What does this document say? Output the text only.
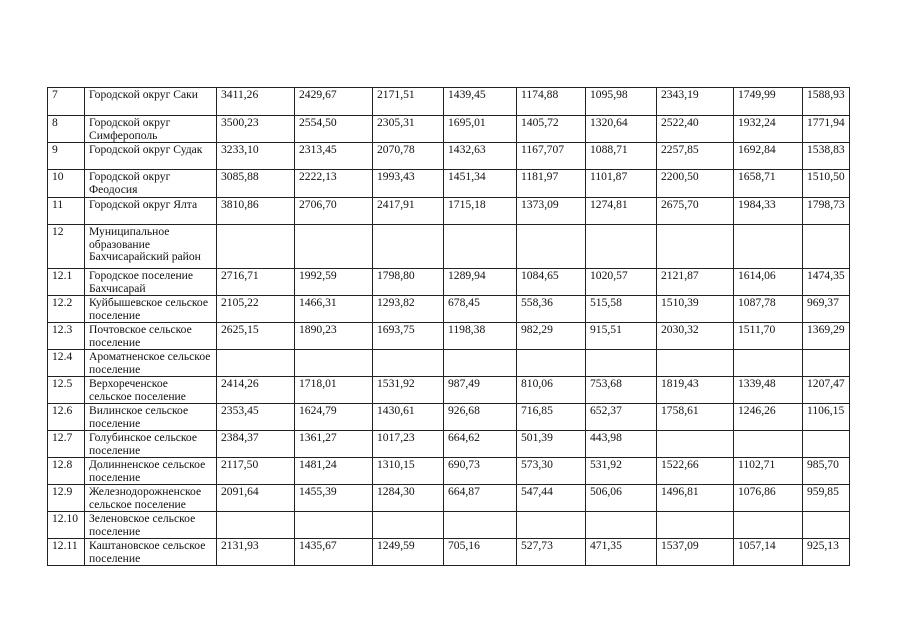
7	Городской округ Саки	3411,26	2429,67	2171,51	1439,45	1174,88	1095,98	2343,19	1749,99	1588,93
8	Городской округ Симферополь	3500,23	2554,50	2305,31	1695,01	1405,72	1320,64	2522,40	1932,24	1771,94
9	Городской округ Судак	3233,10	2313,45	2070,78	1432,63	1167,707	1088,71	2257,85	1692,84	1538,83
10	Городской округ Феодосия	3085,88	2222,13	1993,43	1451,34	1181,97	1101,87	2200,50	1658,71	1510,50
11	Городской округ Ялта	3810,86	2706,70	2417,91	1715,18	1373,09	1274,81	2675,70	1984,33	1798,73
12	Муниципальное образование Бахчисарайский район									
12.1	Городское поселение Бахчисарай	2716,71	1992,59	1798,80	1289,94	1084,65	1020,57	2121,87	1614,06	1474,35
12.2	Куйбышевское сельское поселение	2105,22	1466,31	1293,82	678,45	558,36	515,58	1510,39	1087,78	969,37
12.3	Почтовское сельское поселение	2625,15	1890,23	1693,75	1198,38	982,29	915,51	2030,32	1511,70	1369,29
12.4	Ароматненское сельское поселение									
12.5	Верхореченское сельское поселение	2414,26	1718,01	1531,92	987,49	810,06	753,68	1819,43	1339,48	1207,47
12.6	Вилинское сельское поселение	2353,45	1624,79	1430,61	926,68	716,85	652,37	1758,61	1246,26	1106,15
12.7	Голубинское сельское поселение	2384,37	1361,27	1017,23	664,62	501,39	443,98			
12.8	Долинненское сельское поселение	2117,50	1481,24	1310,15	690,73	573,30	531,92	1522,66	1102,71	985,70
12.9	Железнодорожненское сельское поселение	2091,64	1455,39	1284,30	664,87	547,44	506,06	1496,81	1076,86	959,85
12.10	Зеленовское сельское поселение									
12.11	Каштановское сельское поселение	2131,93	1435,67	1249,59	705,16	527,73	471,35	1537,09	1057,14	925,13
